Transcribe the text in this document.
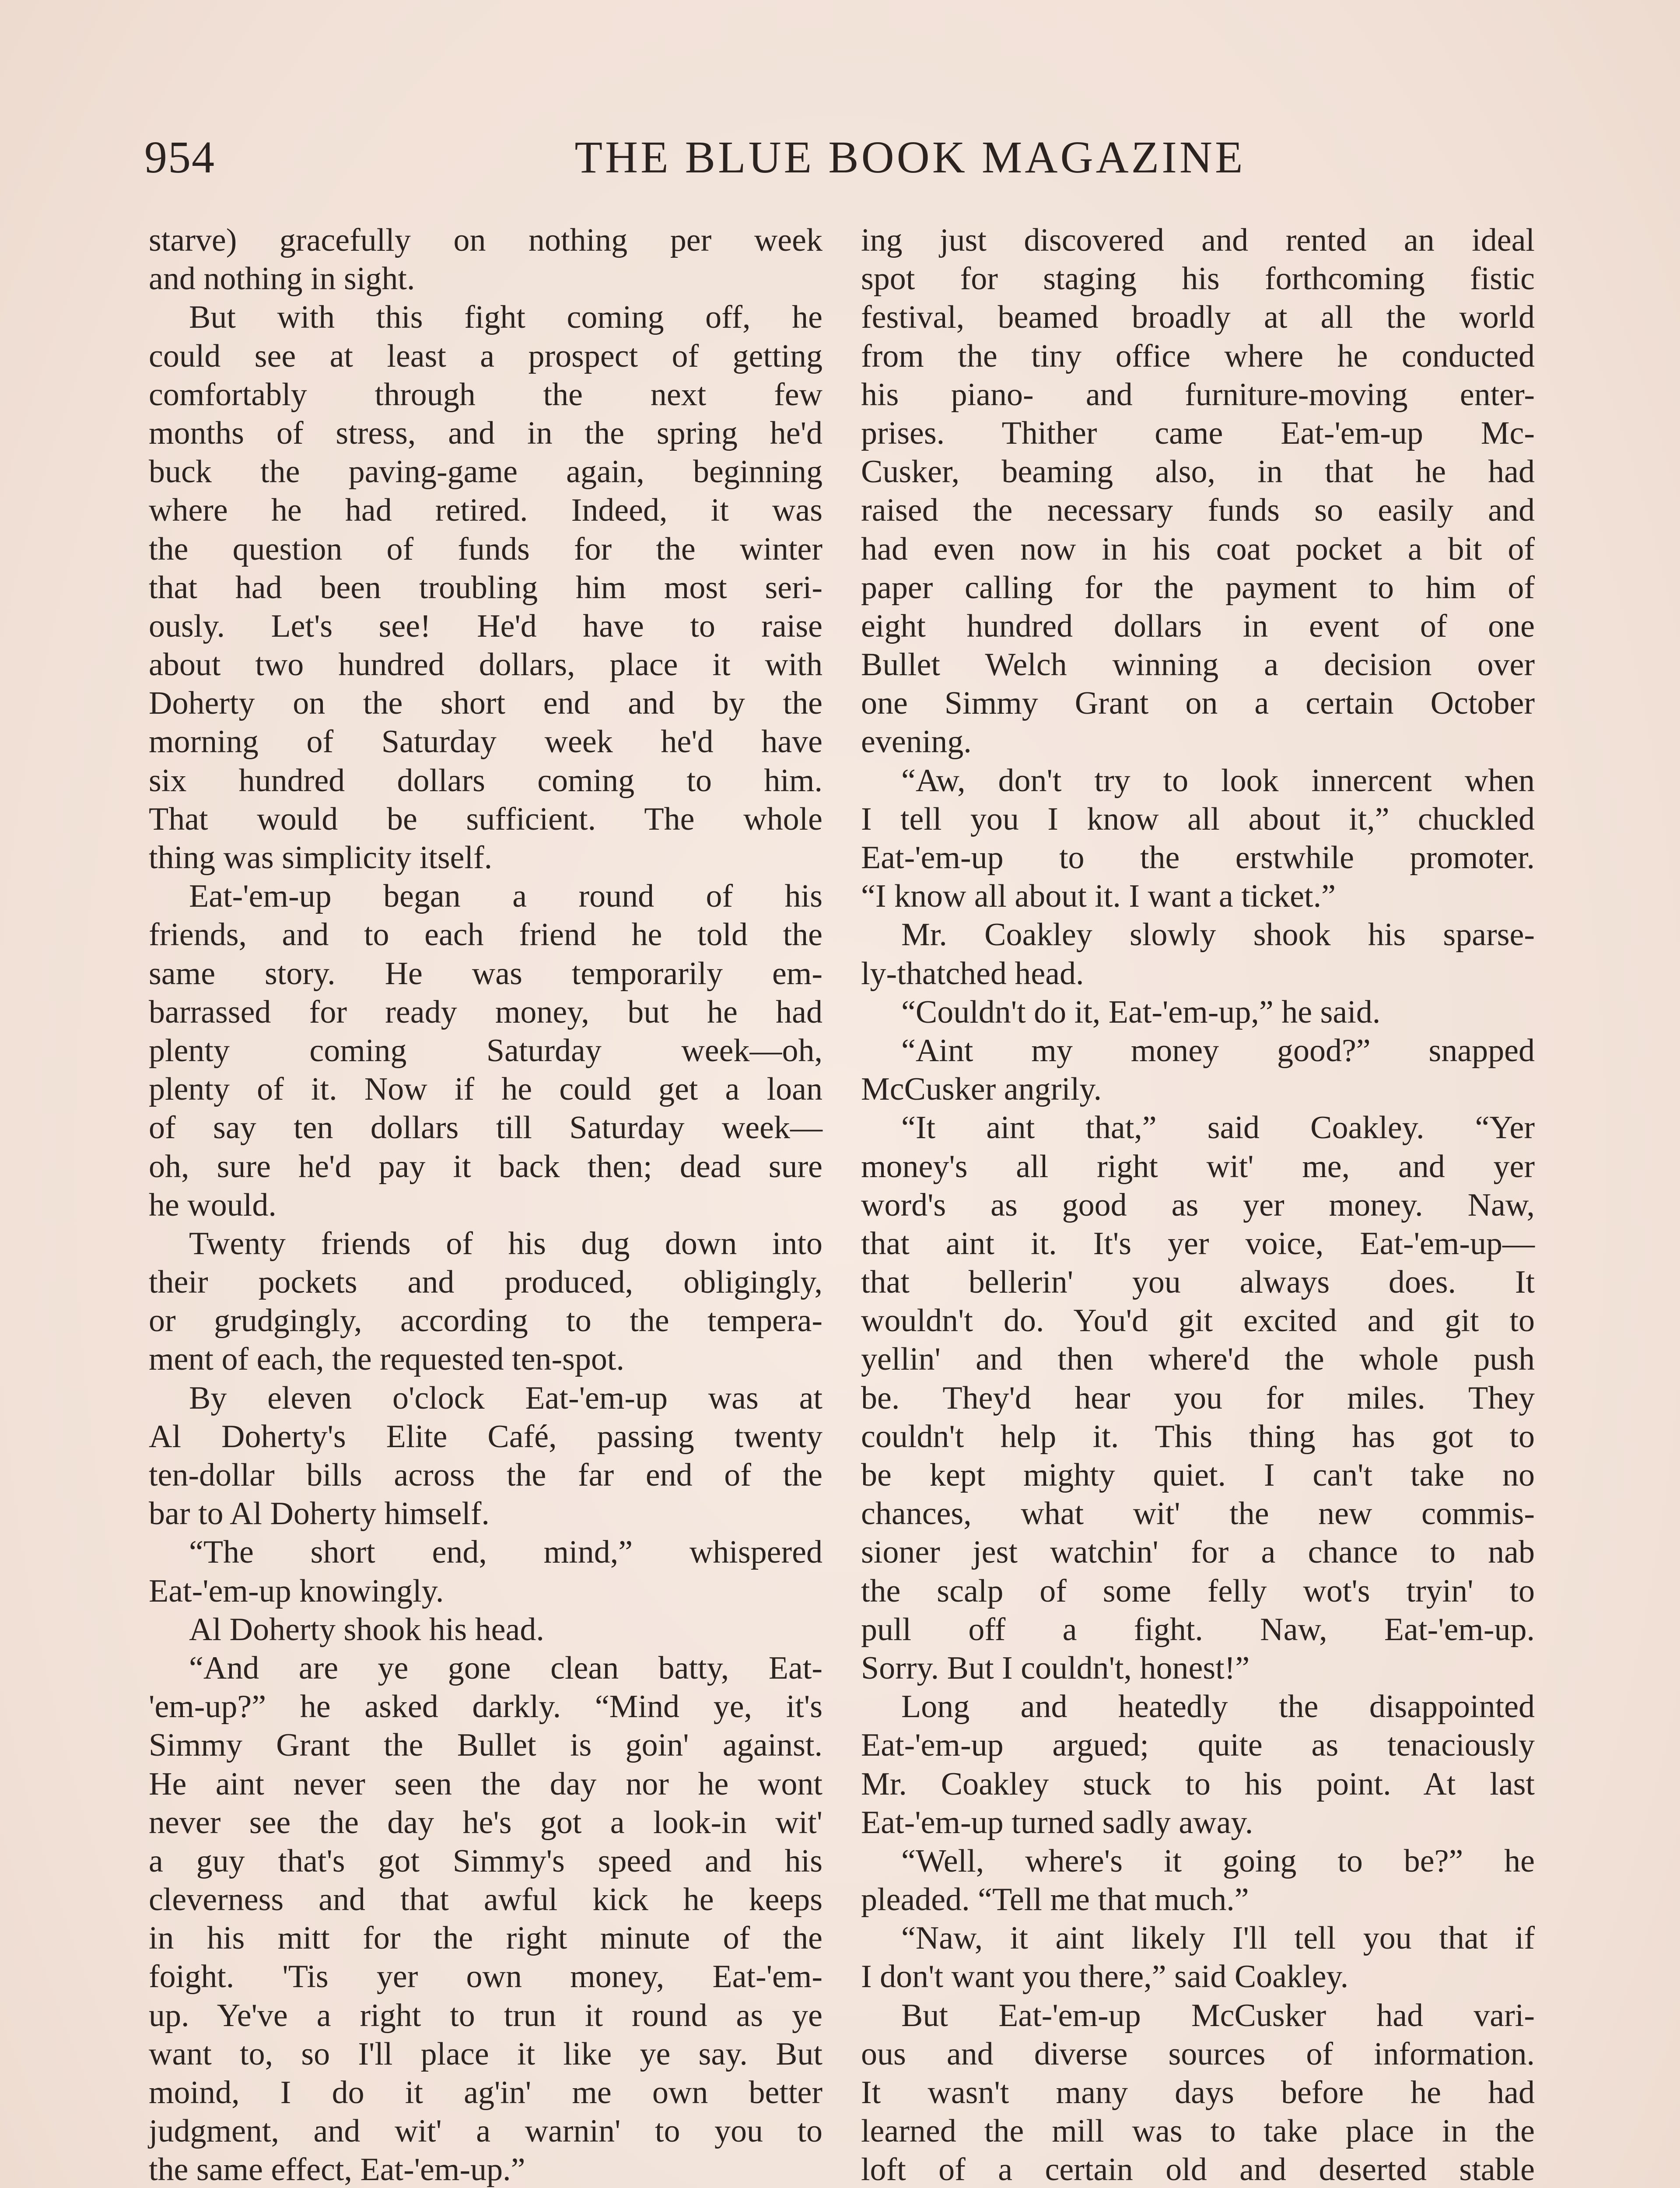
954	THE BLUE BOOK MAGAZINE
starve) gracefully on nothing per week
and nothing in sight.
But with this fight coming off, he
could see at least a prospect of getting
comfortably through the next few
months of stress, and in the spring he'd
buck the paving-game again, beginning
where he had retired. Indeed, it was
the question of funds for the winter
that had been troubling him most seri-
ously. Let's see! He'd have to raise
about two hundred dollars, place it with
Doherty on the short end and by the
morning of Saturday week he'd have
six hundred dollars coming to him.
That would be sufficient. The whole
thing was simplicity itself.
Eat-'em-up began a round of his
friends, and to each friend he told the
same story. He was temporarily em-
barrassed for ready money, but he had
plenty coming Saturday week—oh,
plenty of it. Now if he could get a loan
of say ten dollars till Saturday week—
oh, sure he'd pay it back then; dead sure
he would.
Twenty friends of his dug down into
their pockets and produced, obligingly,
or grudgingly, according to the tempera-
ment of each, the requested ten-spot.
By eleven o'clock Eat-'em-up was at
Al Doherty's Elite Café, passing twenty
ten-dollar bills across the far end of the
bar to Al Doherty himself.
“The short end, mind,” whispered
Eat-'em-up knowingly.
Al Doherty shook his head.
“And are ye gone clean batty, Eat-
'em-up?” he asked darkly. “Mind ye, it's
Simmy Grant the Bullet is goin' against.
He aint never seen the day nor he wont
never see the day he's got a look-in wit'
a guy that's got Simmy's speed and his
cleverness and that awful kick he keeps
in his mitt for the right minute of the
foight. 'Tis yer own money, Eat-'em-
up. Ye've a right to trun it round as ye
want to, so I'll place it like ye say. But
moind, I do it ag'in' me own better
judgment, and wit' a warnin' to you to
the same effect, Eat-'em-up.”
ing just discovered and rented an ideal
spot for staging his forthcoming fistic
festival, beamed broadly at all the world
from the tiny office where he conducted
his piano- and furniture-moving enter-
prises. Thither came Eat-'em-up Mc-
Cusker, beaming also, in that he had
raised the necessary funds so easily and
had even now in his coat pocket a bit of
paper calling for the payment to him of
eight hundred dollars in event of one
Bullet Welch winning a decision over
one Simmy Grant on a certain October
evening.
“Aw, don't try to look innercent when
I tell you I know all about it,” chuckled
Eat-'em-up to the erstwhile promoter.
“I know all about it. I want a ticket.”
Mr. Coakley slowly shook his sparse-
ly-thatched head.
“Couldn't do it, Eat-'em-up,” he said.
“Aint my money good?” snapped
McCusker angrily.
“It aint that,” said Coakley. “Yer
money's all right wit' me, and yer
word's as good as yer money. Naw,
that aint it. It's yer voice, Eat-'em-up—
that bellerin' you always does. It
wouldn't do. You'd git excited and git to
yellin' and then where'd the whole push
be. They'd hear you for miles. They
couldn't help it. This thing has got to
be kept mighty quiet. I can't take no
chances, what wit' the new commis-
sioner jest watchin' for a chance to nab
the scalp of some felly wot's tryin' to
pull off a fight. Naw, Eat-'em-up.
Sorry. But I couldn't, honest!”
Long and heatedly the disappointed
Eat-'em-up argued; quite as tenaciously
Mr. Coakley stuck to his point. At last
Eat-'em-up turned sadly away.
“Well, where's it going to be?” he
pleaded. “Tell me that much.”
“Naw, it aint likely I'll tell you that if
I don't want you there,” said Coakley.
But Eat-'em-up McCusker had vari-
ous and diverse sources of information.
It wasn't many days before he had
learned the mill was to take place in the
loft of a certain old and deserted stable
